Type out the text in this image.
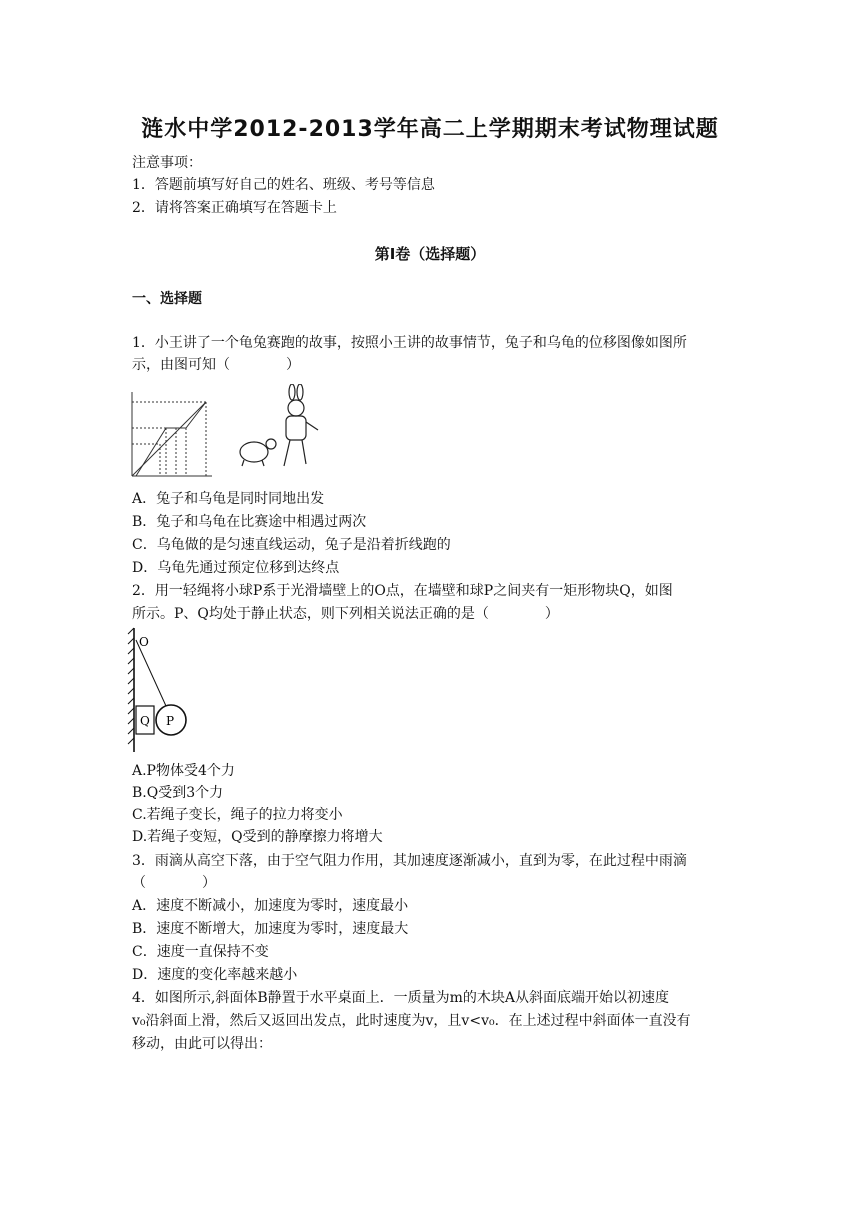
涟水中学2012-2013学年高二上学期期末考试物理试题
注意事项：
1．答题前填写好自己的姓名、班级、考号等信息
2．请将答案正确填写在答题卡上
第Ⅰ卷（选择题）
一、选择题
1．小王讲了一个龟兔赛跑的故事，按照小王讲的故事情节，兔子和乌龟的位移图像如图所
示，由图可知（	）
A．兔子和乌龟是同时同地出发
B．兔子和乌龟在比赛途中相遇过两次
C．乌龟做的是匀速直线运动，兔子是沿着折线跑的
D．乌龟先通过预定位移到达终点
2．用一轻绳将小球P系于光滑墙壁上的O点，在墙壁和球P之间夹有一矩形物块Q，如图
所示。P、Q均处于静止状态，则下列相关说法正确的是（	）
O
Q P
A.P物体受4个力
B.Q受到3个力
C.若绳子变长，绳子的拉力将变小
D.若绳子变短，Q受到的静摩擦力将增大
3．雨滴从高空下落，由于空气阻力作用，其加速度逐渐减小，直到为零，在此过程中雨滴
（	）
A．速度不断减小，加速度为零时，速度最小
B．速度不断增大，加速度为零时，速度最大
C．速度一直保持不变
D．速度的变化率越来越小
4．如图所示,斜面体B静置于水平桌面上．一质量为m的木块A从斜面底端开始以初速度
v₀沿斜面上滑，然后又返回出发点，此时速度为v，且v<v₀．在上述过程中斜面体一直没有
移动，由此可以得出：
